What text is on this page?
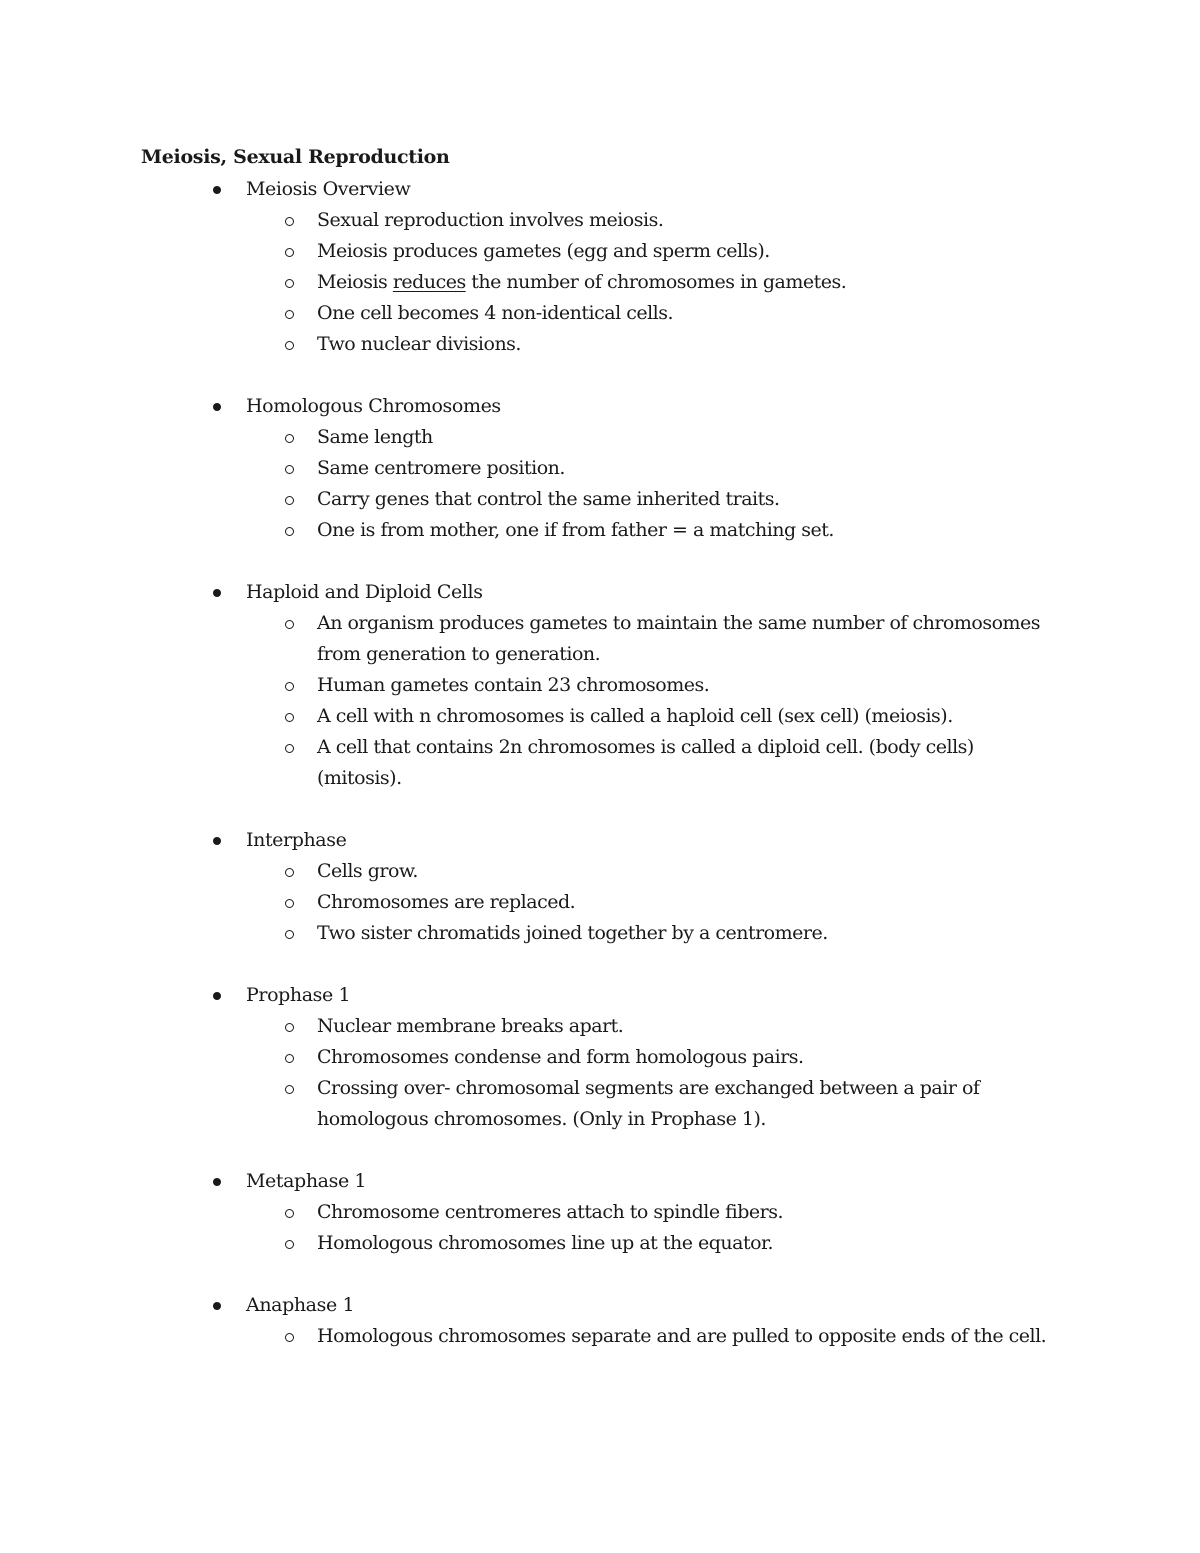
Meiosis, Sexual Reproduction
Meiosis Overview
Sexual reproduction involves meiosis.
Meiosis produces gametes (egg and sperm cells).
Meiosis reduces the number of chromosomes in gametes.
One cell becomes 4 non-identical cells.
Two nuclear divisions.
Homologous Chromosomes
Same length
Same centromere position.
Carry genes that control the same inherited traits.
One is from mother, one if from father = a matching set.
Haploid and Diploid Cells
An organism produces gametes to maintain the same number of chromosomes from generation to generation.
Human gametes contain 23 chromosomes.
A cell with n chromosomes is called a haploid cell (sex cell) (meiosis).
A cell that contains 2n chromosomes is called a diploid cell. (body cells) (mitosis).
Interphase
Cells grow.
Chromosomes are replaced.
Two sister chromatids joined together by a centromere.
Prophase 1
Nuclear membrane breaks apart.
Chromosomes condense and form homologous pairs.
Crossing over- chromosomal segments are exchanged between a pair of homologous chromosomes. (Only in Prophase 1).
Metaphase 1
Chromosome centromeres attach to spindle fibers.
Homologous chromosomes line up at the equator.
Anaphase 1
Homologous chromosomes separate and are pulled to opposite ends of the cell.
